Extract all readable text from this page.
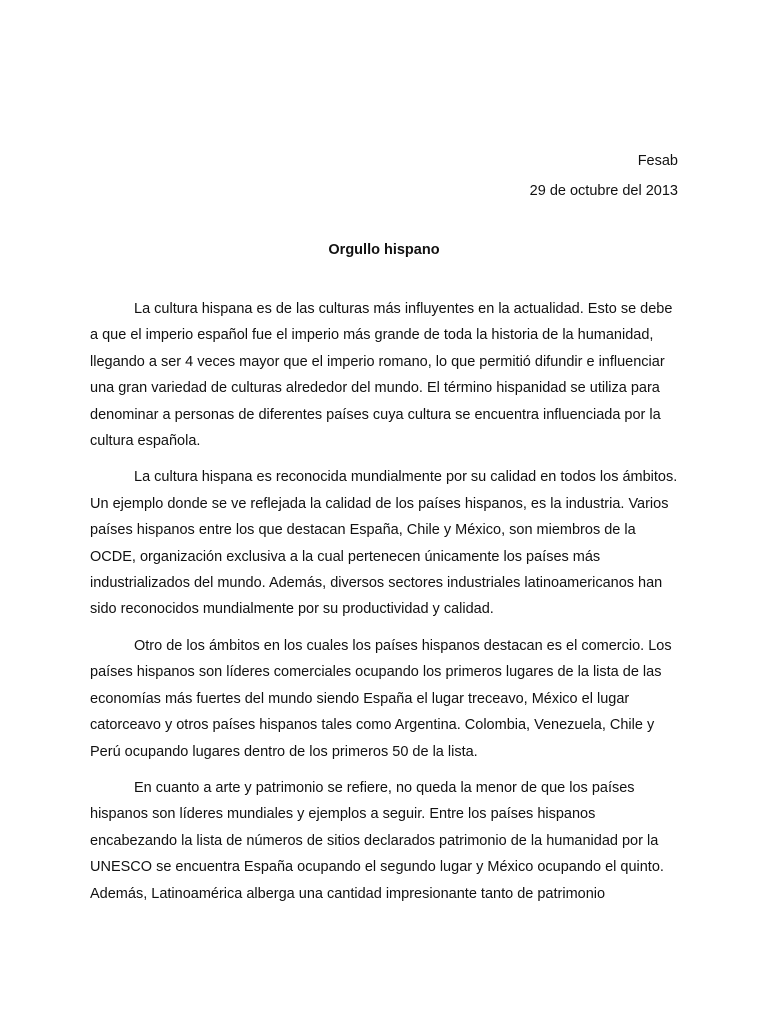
Fesab
29 de octubre del 2013
Orgullo hispano

La cultura hispana es de las culturas más influyentes en la actualidad. Esto se debe a que el imperio español fue el imperio más grande de toda la historia de la humanidad, llegando a ser 4 veces mayor que el imperio romano, lo que permitió difundir e influenciar una gran variedad de culturas alrededor del mundo. El término hispanidad se utiliza para denominar a personas de diferentes países cuya cultura se encuentra influenciada por la cultura española.

La cultura hispana es reconocida mundialmente por su calidad en todos los ámbitos. Un ejemplo donde se ve reflejada la calidad de los países hispanos, es la industria. Varios países hispanos entre los que destacan España, Chile y México, son miembros de la OCDE, organización exclusiva a la cual pertenecen únicamente los países más industrializados del mundo. Además, diversos sectores industriales latinoamericanos han sido reconocidos mundialmente por su productividad y calidad.

Otro de los ámbitos en los cuales los países hispanos destacan es el comercio. Los países hispanos son líderes comerciales ocupando los primeros lugares de la lista de las economías más fuertes del mundo siendo España el lugar treceavo, México el lugar catorceavo y otros países hispanos tales como Argentina. Colombia, Venezuela, Chile y Perú ocupando lugares dentro de los primeros 50 de la lista.

En cuanto a arte y patrimonio se refiere, no queda la menor de que los países hispanos son líderes mundiales y ejemplos a seguir. Entre los países hispanos encabezando la lista de números de sitios declarados patrimonio de la humanidad por la UNESCO se encuentra España ocupando el segundo lugar y México ocupando el quinto. Además, Latinoamérica alberga una cantidad impresionante tanto de patrimonio
